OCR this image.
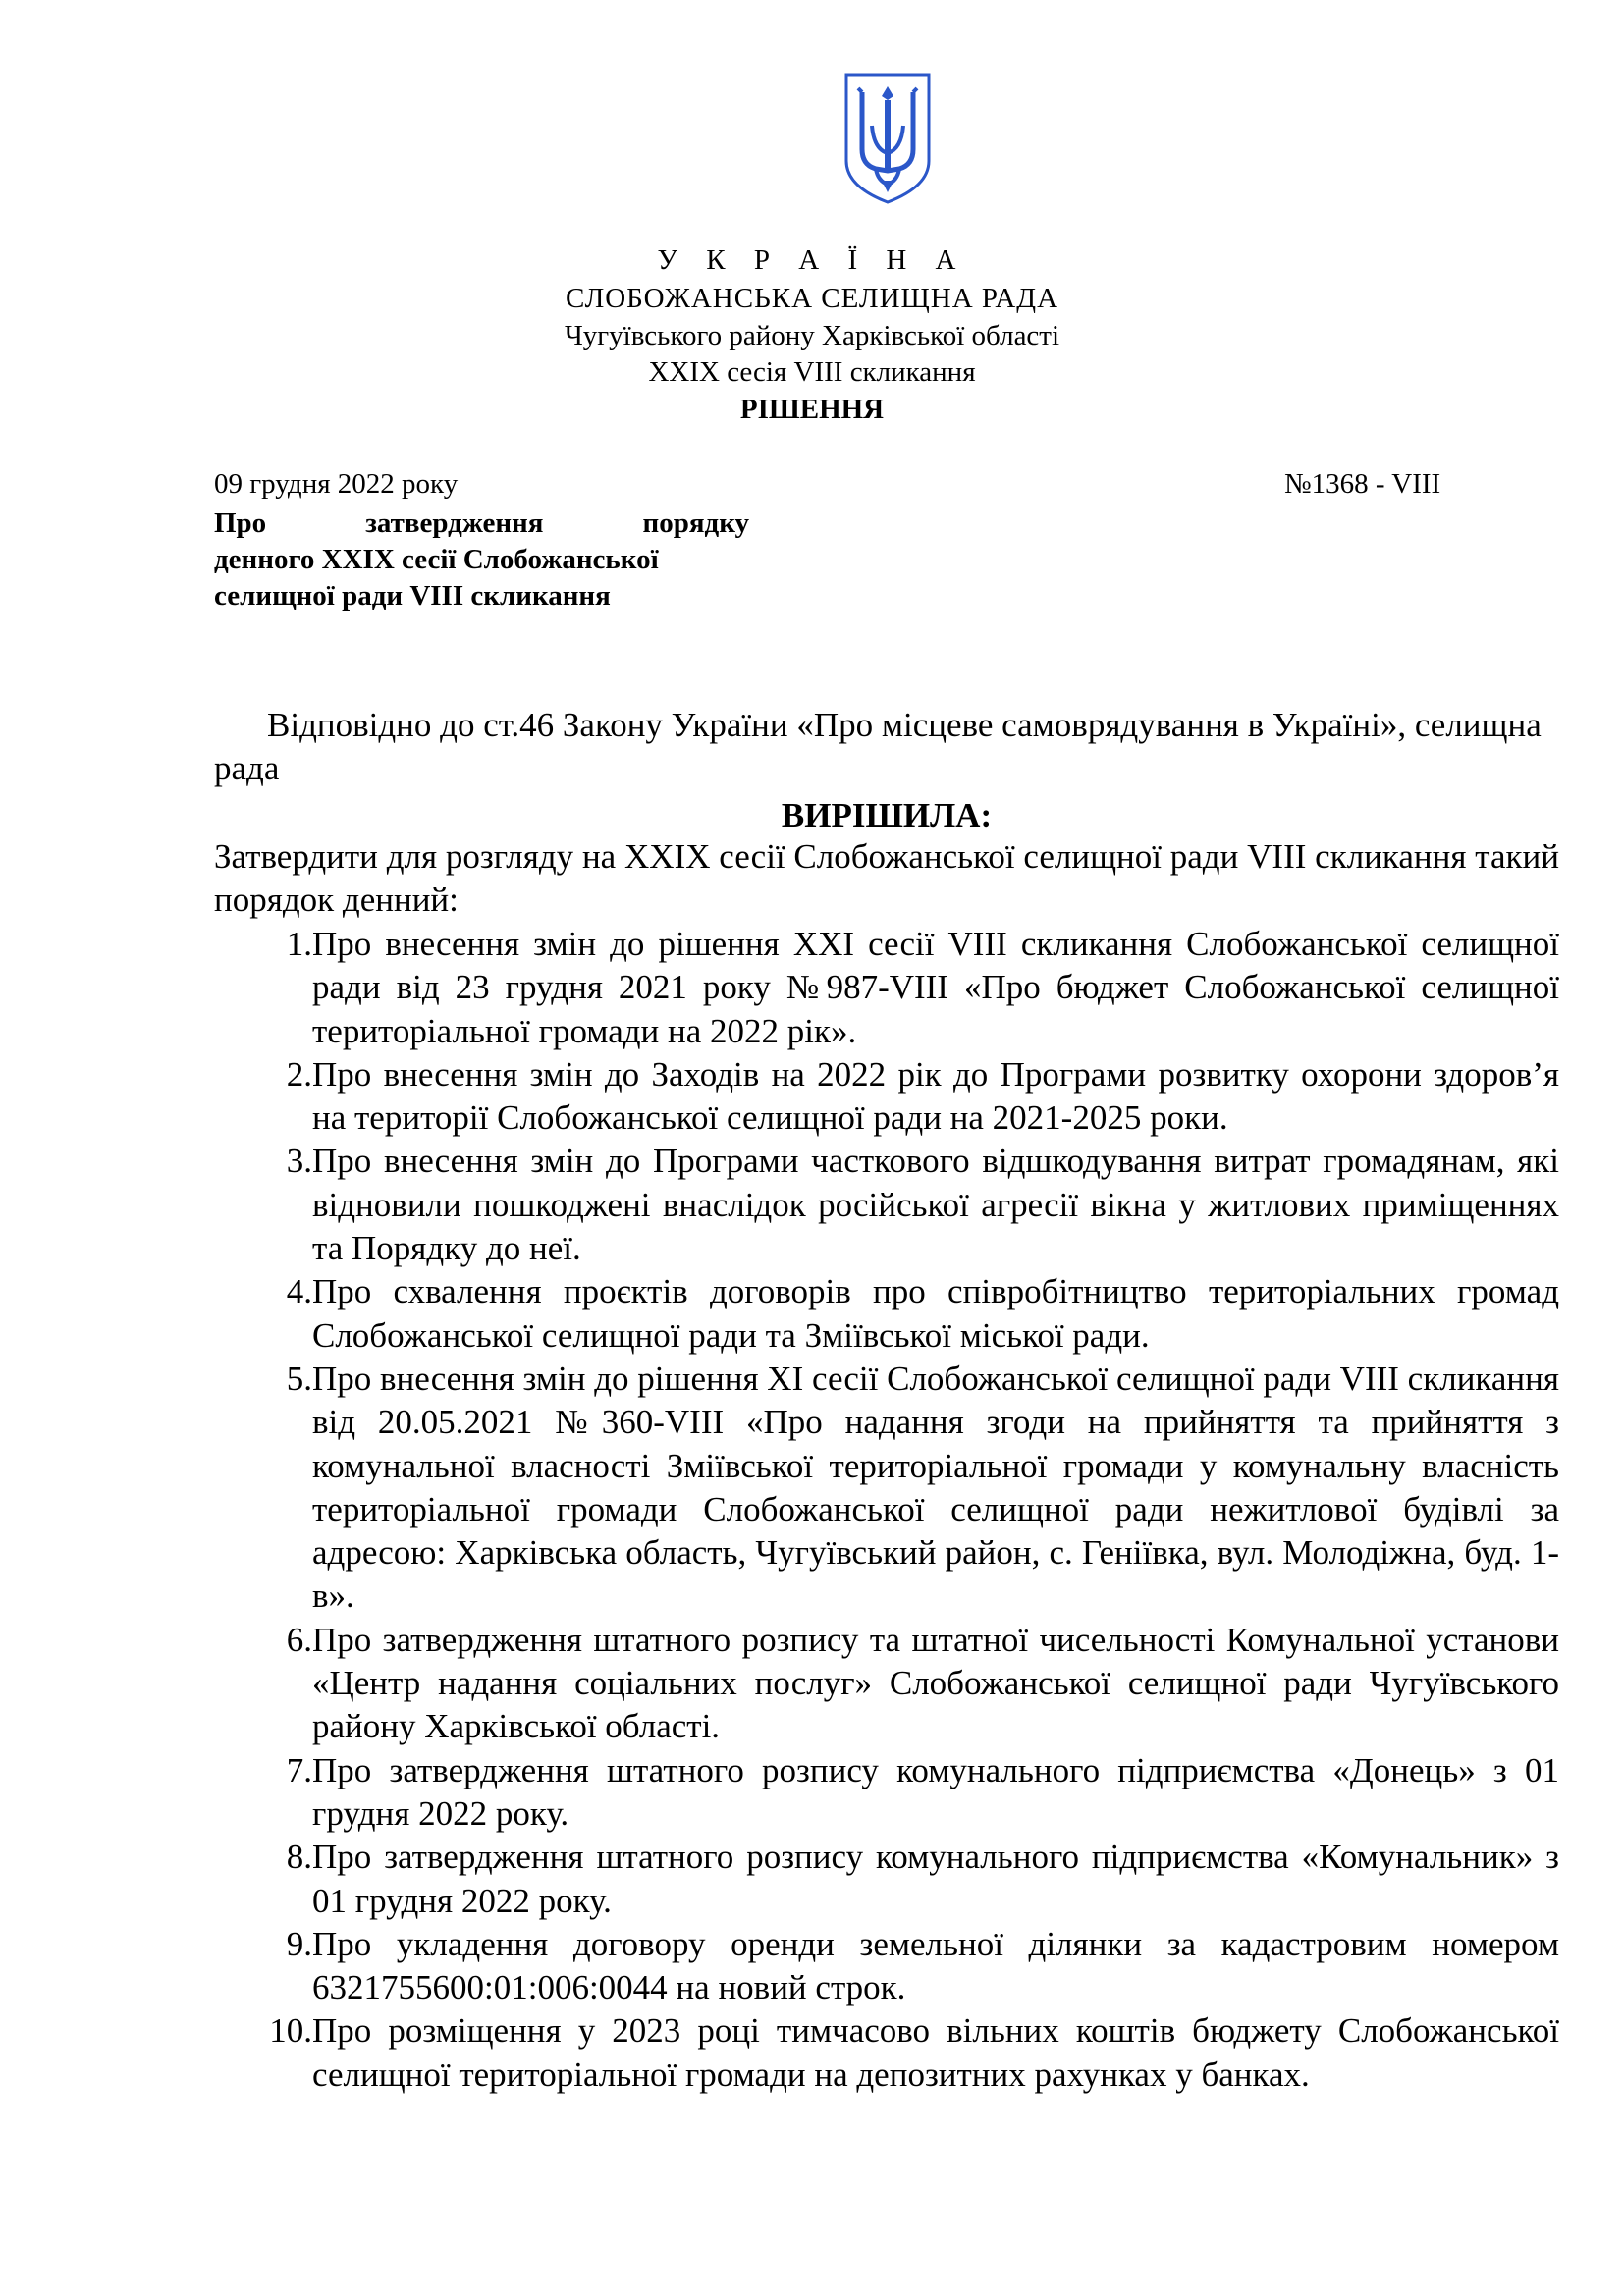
У К Р А Ї Н А
СЛОБОЖАНСЬКА СЕЛИЩНА РАДА
Чугуївського району Харківської області
XXIX сесія VIII скликання
РІШЕННЯ
09 грудня 2022 року	№1368 - VIII
Про затвердження порядку
денного XXIX сесії Слобожанської
селищної ради VIII скликання
Відповідно до ст.46 Закону України «Про місцеве самоврядування в Україні», селищна рада
ВИРІШИЛА:
Затвердити для розгляду на XXIX сесії Слобожанської селищної ради VIII скликання такий порядок денний:
1. Про внесення змін до рішення XXI сесії VIII скликання Слобожанської селищної ради від 23 грудня 2021 року №987-VIII «Про бюджет Слобожанської селищної територіальної громади на 2022 рік».
2. Про внесення змін до Заходів на 2022 рік до Програми розвитку охорони здоров’я на території Слобожанської селищної ради на 2021-2025 роки.
3. Про внесення змін до Програми часткового відшкодування витрат громадянам, які відновили пошкоджені внаслідок російської агресії вікна у житлових приміщеннях та Порядку до неї.
4. Про схвалення проєктів договорів про співробітництво територіальних громад Слобожанської селищної ради та Зміївської міської ради.
5. Про внесення змін до рішення XI сесії Слобожанської селищної ради VIII скликання від 20.05.2021 №360-VIII «Про надання згоди на прийняття та прийняття з комунальної власності Зміївської територіальної громади у комунальну власність територіальної громади Слобожанської селищної ради нежитлової будівлі за адресою: Харківська область, Чугуївський район, с. Геніївка, вул. Молодіжна, буд. 1-в».
6. Про затвердження штатного розпису та штатної чисельності Комунальної установи «Центр надання соціальних послуг» Слобожанської селищної ради Чугуївського району Харківської області.
7. Про затвердження штатного розпису комунального підприємства «Донець» з 01 грудня 2022 року.
8. Про затвердження штатного розпису комунального підприємства «Комунальник» з 01 грудня 2022 року.
9. Про укладення договору оренди земельної ділянки за кадастровим номером 6321755600:01:006:0044 на новий строк.
10. Про розміщення у 2023 році тимчасово вільних коштів бюджету Слобожанської селищної територіальної громади на депозитних рахунках у банках.
